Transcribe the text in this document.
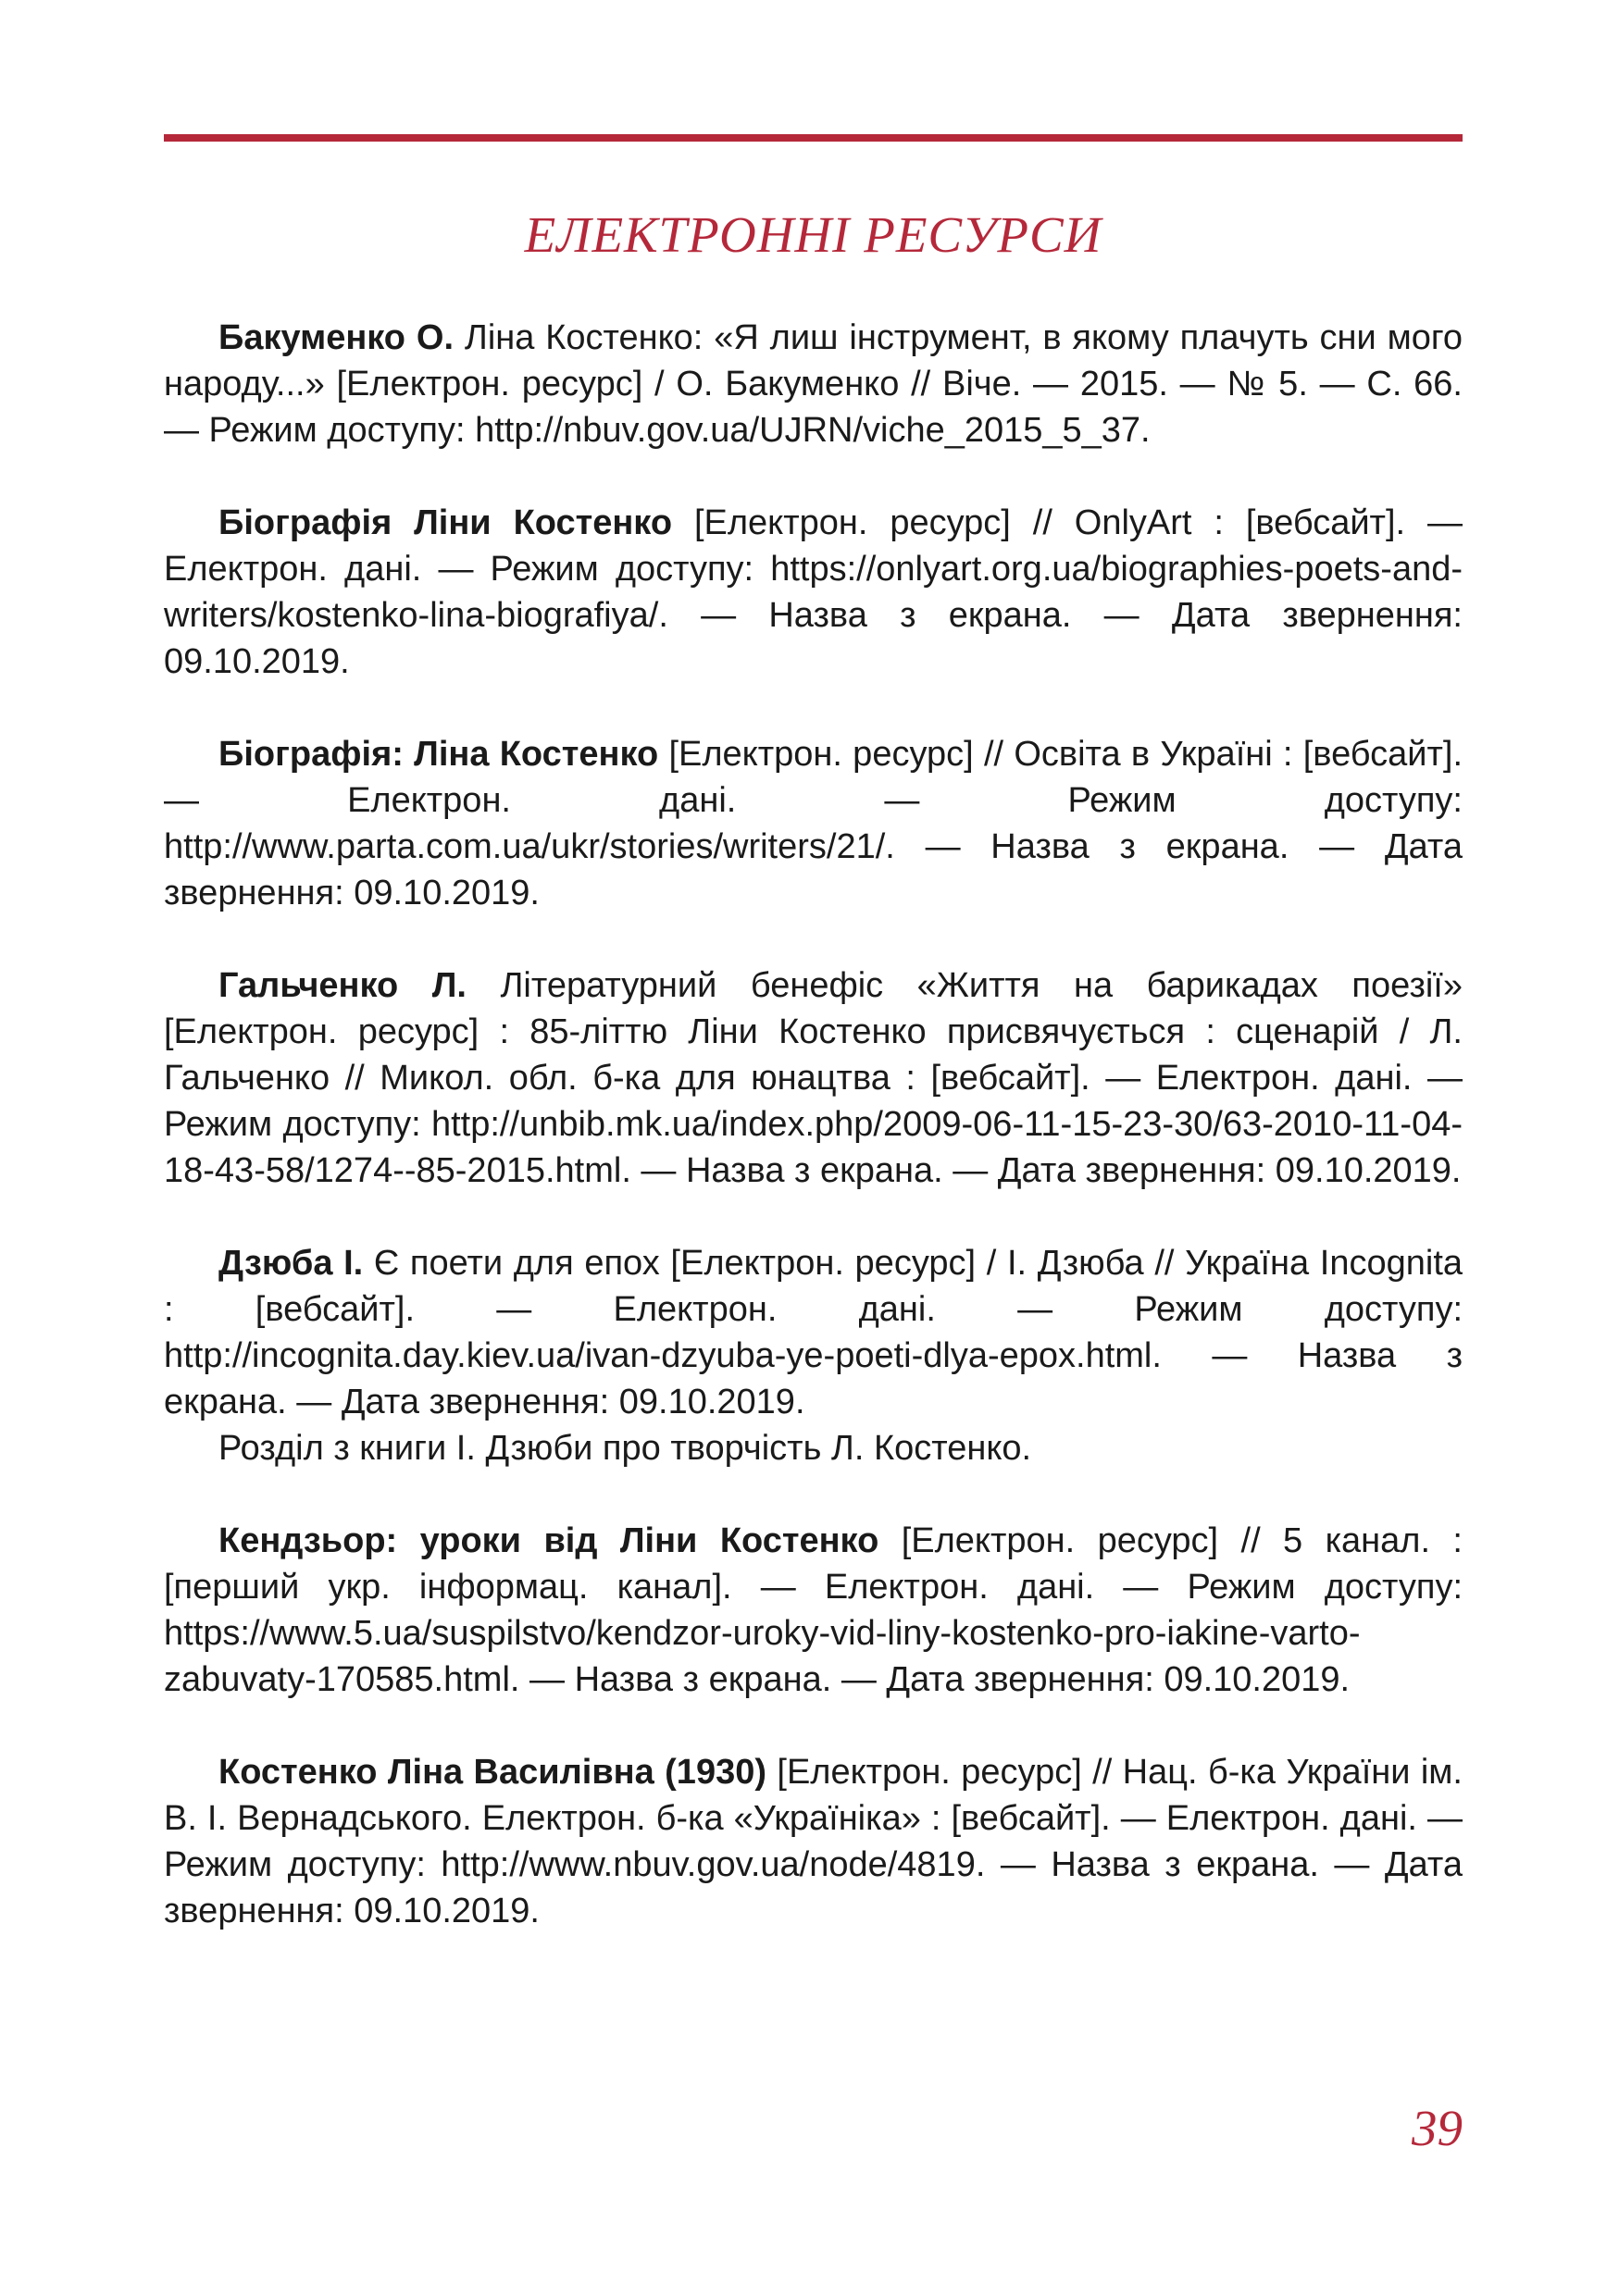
ЕЛЕКТРОННІ РЕСУРСИ

Бакуменко О. Ліна Костенко: «Я лиш інструмент, в якому плачуть сни мого народу...» [Електрон. ресурс] / О. Бакуменко // Віче. — 2015. — № 5. — С. 66. — Режим доступу: http://nbuv.gov.ua/UJRN/viche_2015_5_37.

Біографія Ліни Костенко [Електрон. ресурс] // OnlyArt : [вебсайт]. — Електрон. дані. — Режим доступу: https://onlyart.org.ua/biographies-poets-and-writers/kostenko-lina-biografiya/. — Назва з екрана. — Дата звернення: 09.10.2019.

Біографія: Ліна Костенко [Електрон. ресурс] // Освіта в Україні : [вебсайт]. — Електрон. дані. — Режим доступу: http://www.parta.com.ua/ukr/stories/writers/21/. — Назва з екрана. — Дата звернення: 09.10.2019.

Гальченко Л. Літературний бенефіс «Життя на барикадах поезії» [Електрон. ресурс] : 85-літтю Ліни Костенко присвячується : сценарій / Л. Гальченко // Микол. обл. б-ка для юнацтва : [вебсайт]. — Електрон. дані. — Режим доступу: http://unbib.mk.ua/index.php/2009-06-11-15-23-30/63-2010-11-04-18-43-58/1274--85-2015.html. — Назва з екрана. — Дата звернення: 09.10.2019.

Дзюба І. Є поети для епох [Електрон. ресурс] / І. Дзюба // Україна Incognita : [вебсайт]. — Електрон. дані. — Режим доступу: http://incognita.day.kiev.ua/ivan-dzyuba-ye-poeti-dlya-epox.html. — Назва з екрана. — Дата звернення: 09.10.2019.

Розділ з книги І. Дзюби про творчість Л. Костенко.

Кендзьор: уроки від Ліни Костенко [Електрон. ресурс] // 5 канал. : [перший укр. інформац. канал]. — Електрон. дані. — Режим доступу: https://www.5.ua/suspilstvo/kendzor-uroky-vid-liny-kostenko-pro-iakine-varto-zabuvaty-170585.html. — Назва з екрана. — Дата звернення: 09.10.2019.

Костенко Ліна Василівна (1930) [Електрон. ресурс] // Нац. б-ка України ім. В. І. Вернадського. Електрон. б-ка «Україніка» : [вебсайт]. — Електрон. дані. — Режим доступу: http://www.nbuv.gov.ua/node/4819. — Назва з екрана. — Дата звернення: 09.10.2019.

39
